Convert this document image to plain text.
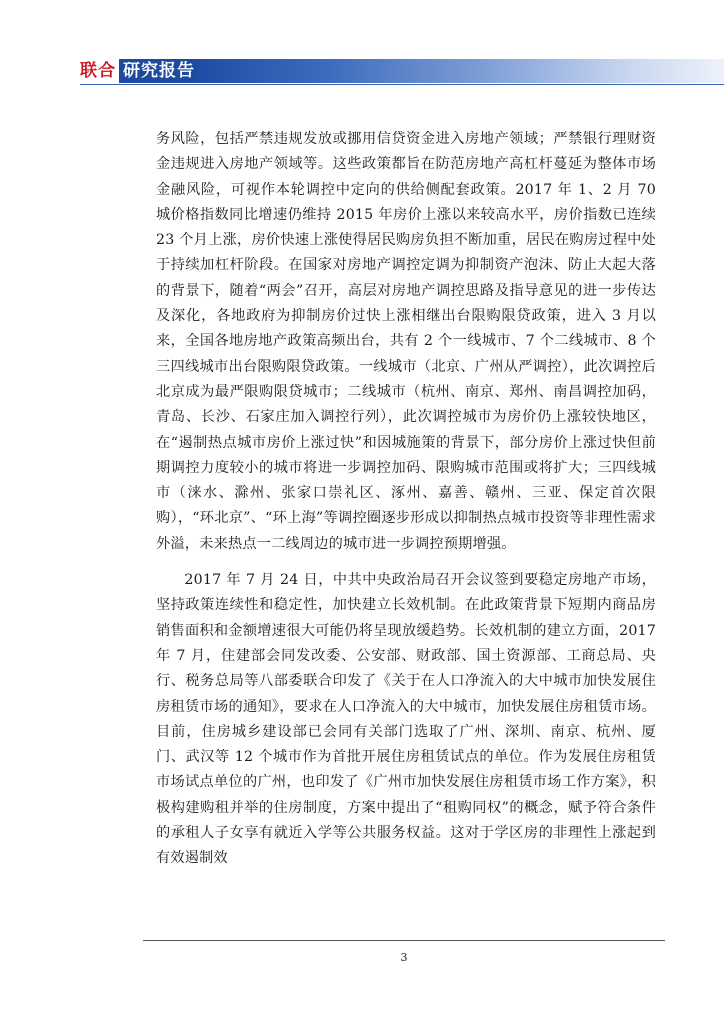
联合 研究报告

务风险，包括严禁违规发放或挪用信贷资金进入房地产领域；严禁银行理财资金违规进入房地产领域等。这些政策都旨在防范房地产高杠杆蔓延为整体市场金融风险，可视作本轮调控中定向的供给侧配套政策。2017 年 1、2 月 70 城价格指数同比增速仍维持 2015 年房价上涨以来较高水平，房价指数已连续 23 个月上涨，房价快速上涨使得居民购房负担不断加重，居民在购房过程中处于持续加杠杆阶段。在国家对房地产调控定调为抑制资产泡沫、防止大起大落的背景下，随着“两会”召开，高层对房地产调控思路及指导意见的进一步传达及深化，各地政府为抑制房价过快上涨相继出台限购限贷政策，进入 3 月以来，全国各地房地产政策高频出台，共有 2 个一线城市、7 个二线城市、8 个三四线城市出台限购限贷政策。一线城市（北京、广州从严调控），此次调控后北京成为最严限购限贷城市；二线城市（杭州、南京、郑州、南昌调控加码，青岛、长沙、石家庄加入调控行列），此次调控城市为房价仍上涨较快地区，在“遏制热点城市房价上涨过快”和因城施策的背景下，部分房价上涨过快但前期调控力度较小的城市将进一步调控加码、限购城市范围或将扩大；三四线城市（涞水、滁州、张家口崇礼区、涿州、嘉善、赣州、三亚、保定首次限购），“环北京”、“环上海”等调控圈逐步形成以抑制热点城市投资等非理性需求外溢，未来热点一二线周边的城市进一步调控预期增强。

2017 年 7 月 24 日，中共中央政治局召开会议签到要稳定房地产市场，坚持政策连续性和稳定性，加快建立长效机制。在此政策背景下短期内商品房销售面积和金额增速很大可能仍将呈现放缓趋势。长效机制的建立方面，2017 年 7 月，住建部会同发改委、公安部、财政部、国土资源部、工商总局、央行、税务总局等八部委联合印发了《关于在人口净流入的大中城市加快发展住房租赁市场的通知》，要求在人口净流入的大中城市，加快发展住房租赁市场。目前，住房城乡建设部已会同有关部门选取了广州、深圳、南京、杭州、厦门、武汉等 12 个城市作为首批开展住房租赁试点的单位。作为发展住房租赁市场试点单位的广州，也印发了《广州市加快发展住房租赁市场工作方案》，积极构建购租并举的住房制度，方案中提出了“租购同权”的概念，赋予符合条件的承租人子女享有就近入学等公共服务权益。这对于学区房的非理性上涨起到有效遏制效

3
